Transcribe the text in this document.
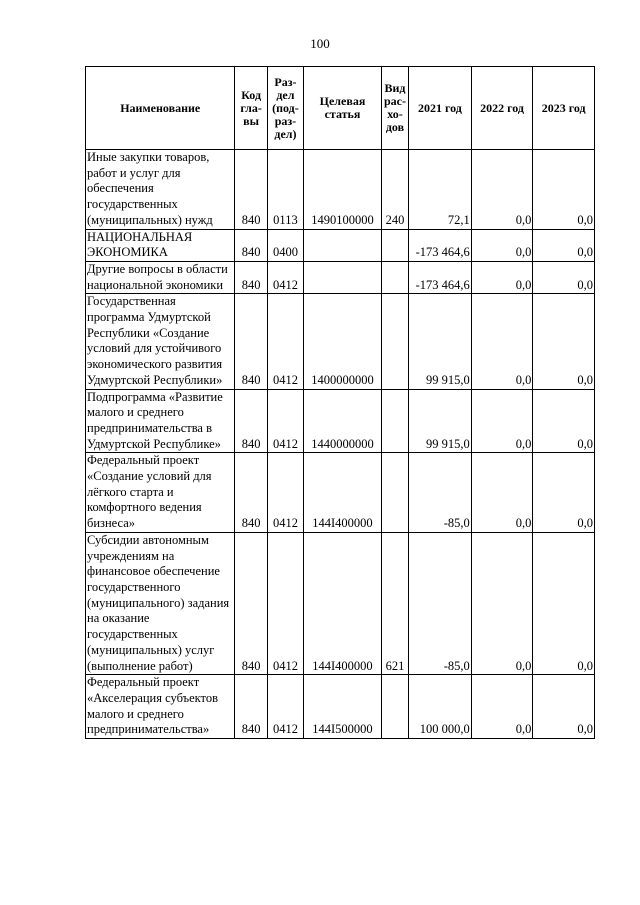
100
Наименование	Код гла-вы	Раз-дел (под-раз-дел)	Целевая статья	Вид рас-хо-дов	2021 год	2022 год	2023 год
Иные закупки товаров, работ и услуг для обеспечения государственных (муниципальных) нужд	840	0113	1490100000	240	72,1	0,0	0,0
НАЦИОНАЛЬНАЯ ЭКОНОМИКА	840	0400			-173 464,6	0,0	0,0
Другие вопросы в области национальной экономики	840	0412			-173 464,6	0,0	0,0
Государственная программа Удмуртской Республики «Создание условий для устойчивого экономического развития Удмуртской Республики»	840	0412	1400000000		99 915,0	0,0	0,0
Подпрограмма «Развитие малого и среднего предпринимательства в Удмуртской Республике»	840	0412	1440000000		99 915,0	0,0	0,0
Федеральный проект «Создание условий для лёгкого старта и комфортного ведения бизнеса»	840	0412	144I400000		-85,0	0,0	0,0
Субсидии автономным учреждениям на финансовое обеспечение государственного (муниципального) задания на оказание государственных (муниципальных) услуг (выполнение работ)	840	0412	144I400000	621	-85,0	0,0	0,0
Федеральный проект «Акселерация субъектов малого и среднего предпринимательства»	840	0412	144I500000		100 000,0	0,0	0,0
